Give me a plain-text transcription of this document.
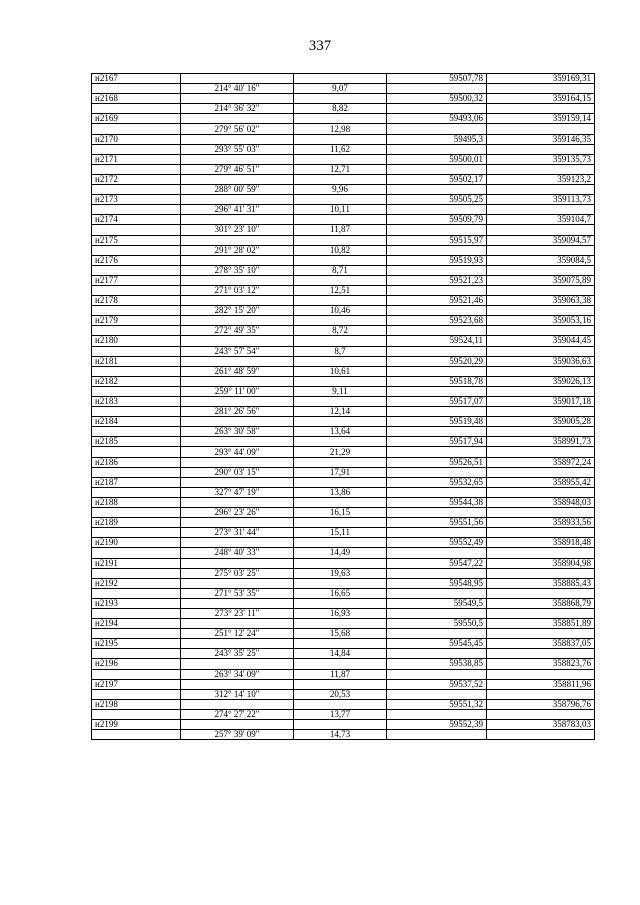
337
н2167			59507,78	359169,31
	214° 40' 16"	9,07		
н2168			59500,32	359164,15
	214° 36' 32"	8,82		
н2169			59493,06	359159,14
	279° 56' 02"	12,98		
н2170			59495,3	359146,35
	293° 55' 03"	11,62		
н2171			59500,01	359135,73
	279° 46' 51"	12,71		
н2172			59502,17	359123,2
	288° 00' 59"	9,96		
н2173			59505,25	359113,73
	296° 41' 31"	10,11		
н2174			59509,79	359104,7
	301° 23' 10"	11,87		
н2175			59515,97	359094,57
	291° 28' 02"	10,82		
н2176			59519,93	359084,5
	278° 35' 10"	8,71		
н2177			59521,23	359075,89
	271° 03' 12"	12,51		
н2178			59521,46	359063,38
	282° 15' 20"	10,46		
н2179			59523,68	359053,16
	272° 49' 35"	8,72		
н2180			59524,11	359044,45
	243° 57' 54"	8,7		
н2181			59520,29	359036,63
	261° 48' 59"	10,61		
н2182			59518,78	359026,13
	259° 11' 00"	9,11		
н2183			59517,07	359017,18
	281° 26' 56"	12,14		
н2184			59519,48	359005,28
	263° 30' 58"	13,64		
н2185			59517,94	358991,73
	293° 44' 09"	21,29		
н2186			59526,51	358972,24
	290° 03' 15"	17,91		
н2187			59532,65	358955,42
	327° 47' 19"	13,86		
н2188			59544,38	358948,03
	296° 23' 26"	16,15		
н2189			59551,56	358933,56
	273° 31' 44"	15,11		
н2190			59552,49	358918,48
	248° 40' 33"	14,49		
н2191			59547,22	358904,98
	275° 03' 25"	19,63		
н2192			59548,95	358885,43
	271° 53' 35"	16,65		
н2193			59549,5	358868,79
	273° 23' 11"	16,93		
н2194			59550,5	358851,89
	251° 12' 24"	15,68		
н2195			59545,45	358837,05
	243° 35' 25"	14,84		
н2196			59538,85	358823,76
	263° 34' 09"	11,87		
н2197			59537,52	358811,96
	312° 14' 10"	20,53		
н2198			59551,32	358796,76
	274° 27' 22"	13,77		
н2199			59552,39	358783,03
	257° 39' 09"	14,73		
